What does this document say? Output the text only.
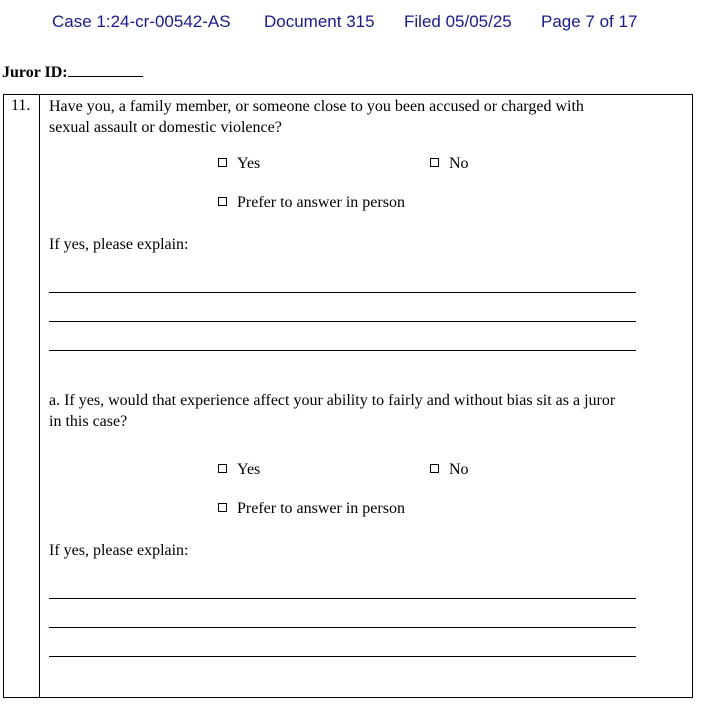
Case 1:24-cr-00542-AS Document 315 Filed 05/05/25 Page 7 of 17
Juror ID:
11. Have you, a family member, or someone close to you been accused or charged with
sexual assault or domestic violence?
Yes	No
Prefer to answer in person
If yes, please explain:
a. If yes, would that experience affect your ability to fairly and without bias sit as a juror
in this case?
Yes	No
Prefer to answer in person
If yes, please explain:
